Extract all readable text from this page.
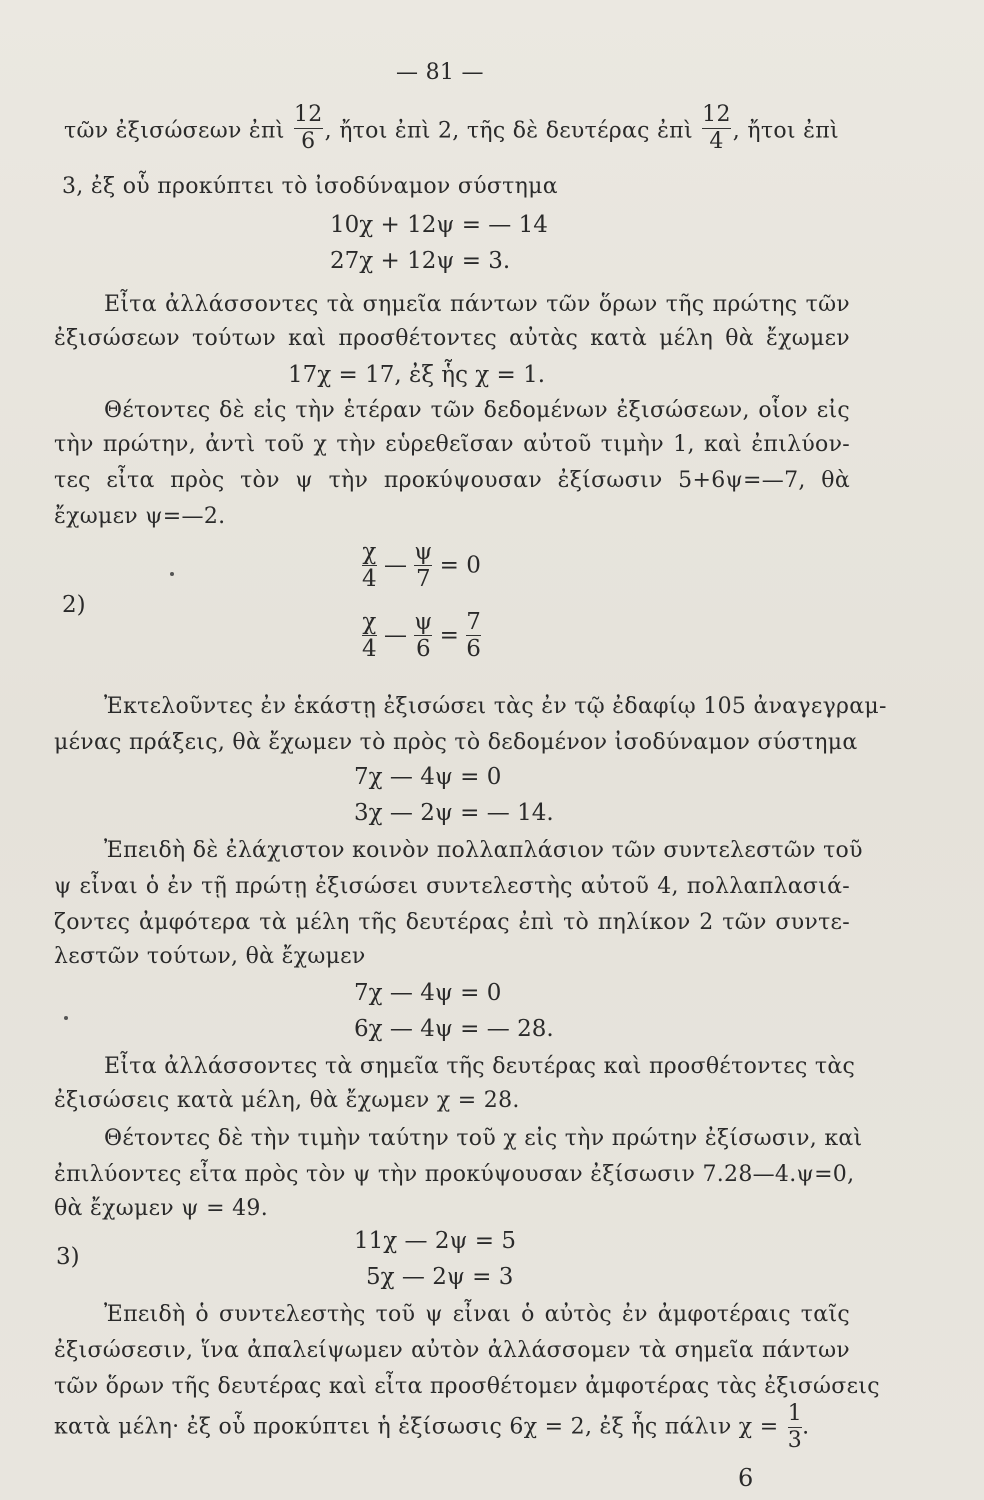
— 81 —
τῶν ἐξισώσεων ἐπὶ $\frac{12}{6}$ , ἤτοι ἐπὶ 2, τῆς δὲ δευτέρας ἐπὶ $\frac{12}{4}$ , ἤτοι ἐπὶ
3, ἐξ οὗ προκύπτει τὸ ἰσοδύναμον σύστημα
10χ + 12ψ = — 14
27χ + 12ψ = 3.
Εἶτα ἀλλάσσοντες τὰ σημεῖα πάντων τῶν ὅρων τῆς πρώτης τῶν
ἐξισώσεων τούτων καὶ προσθέτοντες αὐτὰς κατὰ μέλη θὰ ἔχωμεν
17χ = 17, ἐξ ἧς χ = 1.
Θέτοντες δὲ εἰς τὴν ἑτέραν τῶν δεδομένων ἐξισώσεων, οἷον εἰς
τὴν πρώτην, ἀντὶ τοῦ χ τὴν εὑρεθεῖσαν αὐτοῦ τιμὴν 1, καὶ ἐπιλύον-
τες εἶτα πρὸς τὸν ψ τὴν προκύψουσαν ἐξίσωσιν 5+6ψ=—7, θὰ
ἔχωμεν ψ=—2.
2)
$\frac{\chi}{4}$ — $\frac{\psi}{7} = 0$
$\frac{\chi}{4}$ — $\frac{\psi}{6} = \frac{7}{6}$
Ἐκτελοῦντες ἐν ἑκάστῃ ἐξισώσει τὰς ἐν τῷ ἐδαφίῳ 105 ἀναγεγραμ-
μένας πράξεις, θὰ ἔχωμεν τὸ πρὸς τὸ δεδομένον ἰσοδύναμον σύστημα
7χ — 4ψ = 0
3χ — 2ψ = — 14.
Ἐπειδὴ δὲ ἐλάχιστον κοινὸν πολλαπλάσιον τῶν συντελεστῶν τοῦ
ψ εἶναι ὁ ἐν τῇ πρώτῃ ἐξισώσει συντελεστὴς αὐτοῦ 4, πολλαπλασιά-
ζοντες ἀμφότερα τὰ μέλη τῆς δευτέρας ἐπὶ τὸ πηλίκον 2 τῶν συντε-
λεστῶν τούτων, θὰ ἔχωμεν
7χ — 4ψ = 0
6χ — 4ψ = — 28.
Εἶτα ἀλλάσσοντες τὰ σημεῖα τῆς δευτέρας καὶ προσθέτοντες τὰς
ἐξισώσεις κατὰ μέλη, θὰ ἔχωμεν χ = 28.
Θέτοντες δὲ τὴν τιμὴν ταύτην τοῦ χ εἰς τὴν πρώτην ἐξίσωσιν, καὶ
ἐπιλύοντες εἶτα πρὸς τὸν ψ τὴν προκύψουσαν ἐξίσωσιν 7.28—4.ψ=0,
θὰ ἔχωμεν ψ = 49.
3)
11χ — 2ψ = 5
5χ — 2ψ = 3
Ἐπειδὴ ὁ συντελεστὴς τοῦ ψ εἶναι ὁ αὐτὸς ἐν ἀμφοτέραις ταῖς
ἐξισώσεσιν, ἵνα ἀπαλείψωμεν αὐτὸν ἀλλάσσομεν τὰ σημεῖα πάντων
τῶν ὅρων τῆς δευτέρας καὶ εἶτα προσθέτομεν ἀμφοτέρας τὰς ἐξισώσεις
κατὰ μέλη· ἐξ οὗ προκύπτει ἡ ἐξίσωσις 6χ = 2, ἐξ ἧς πάλιν $\chi = \frac{1}{3}$ .
6
